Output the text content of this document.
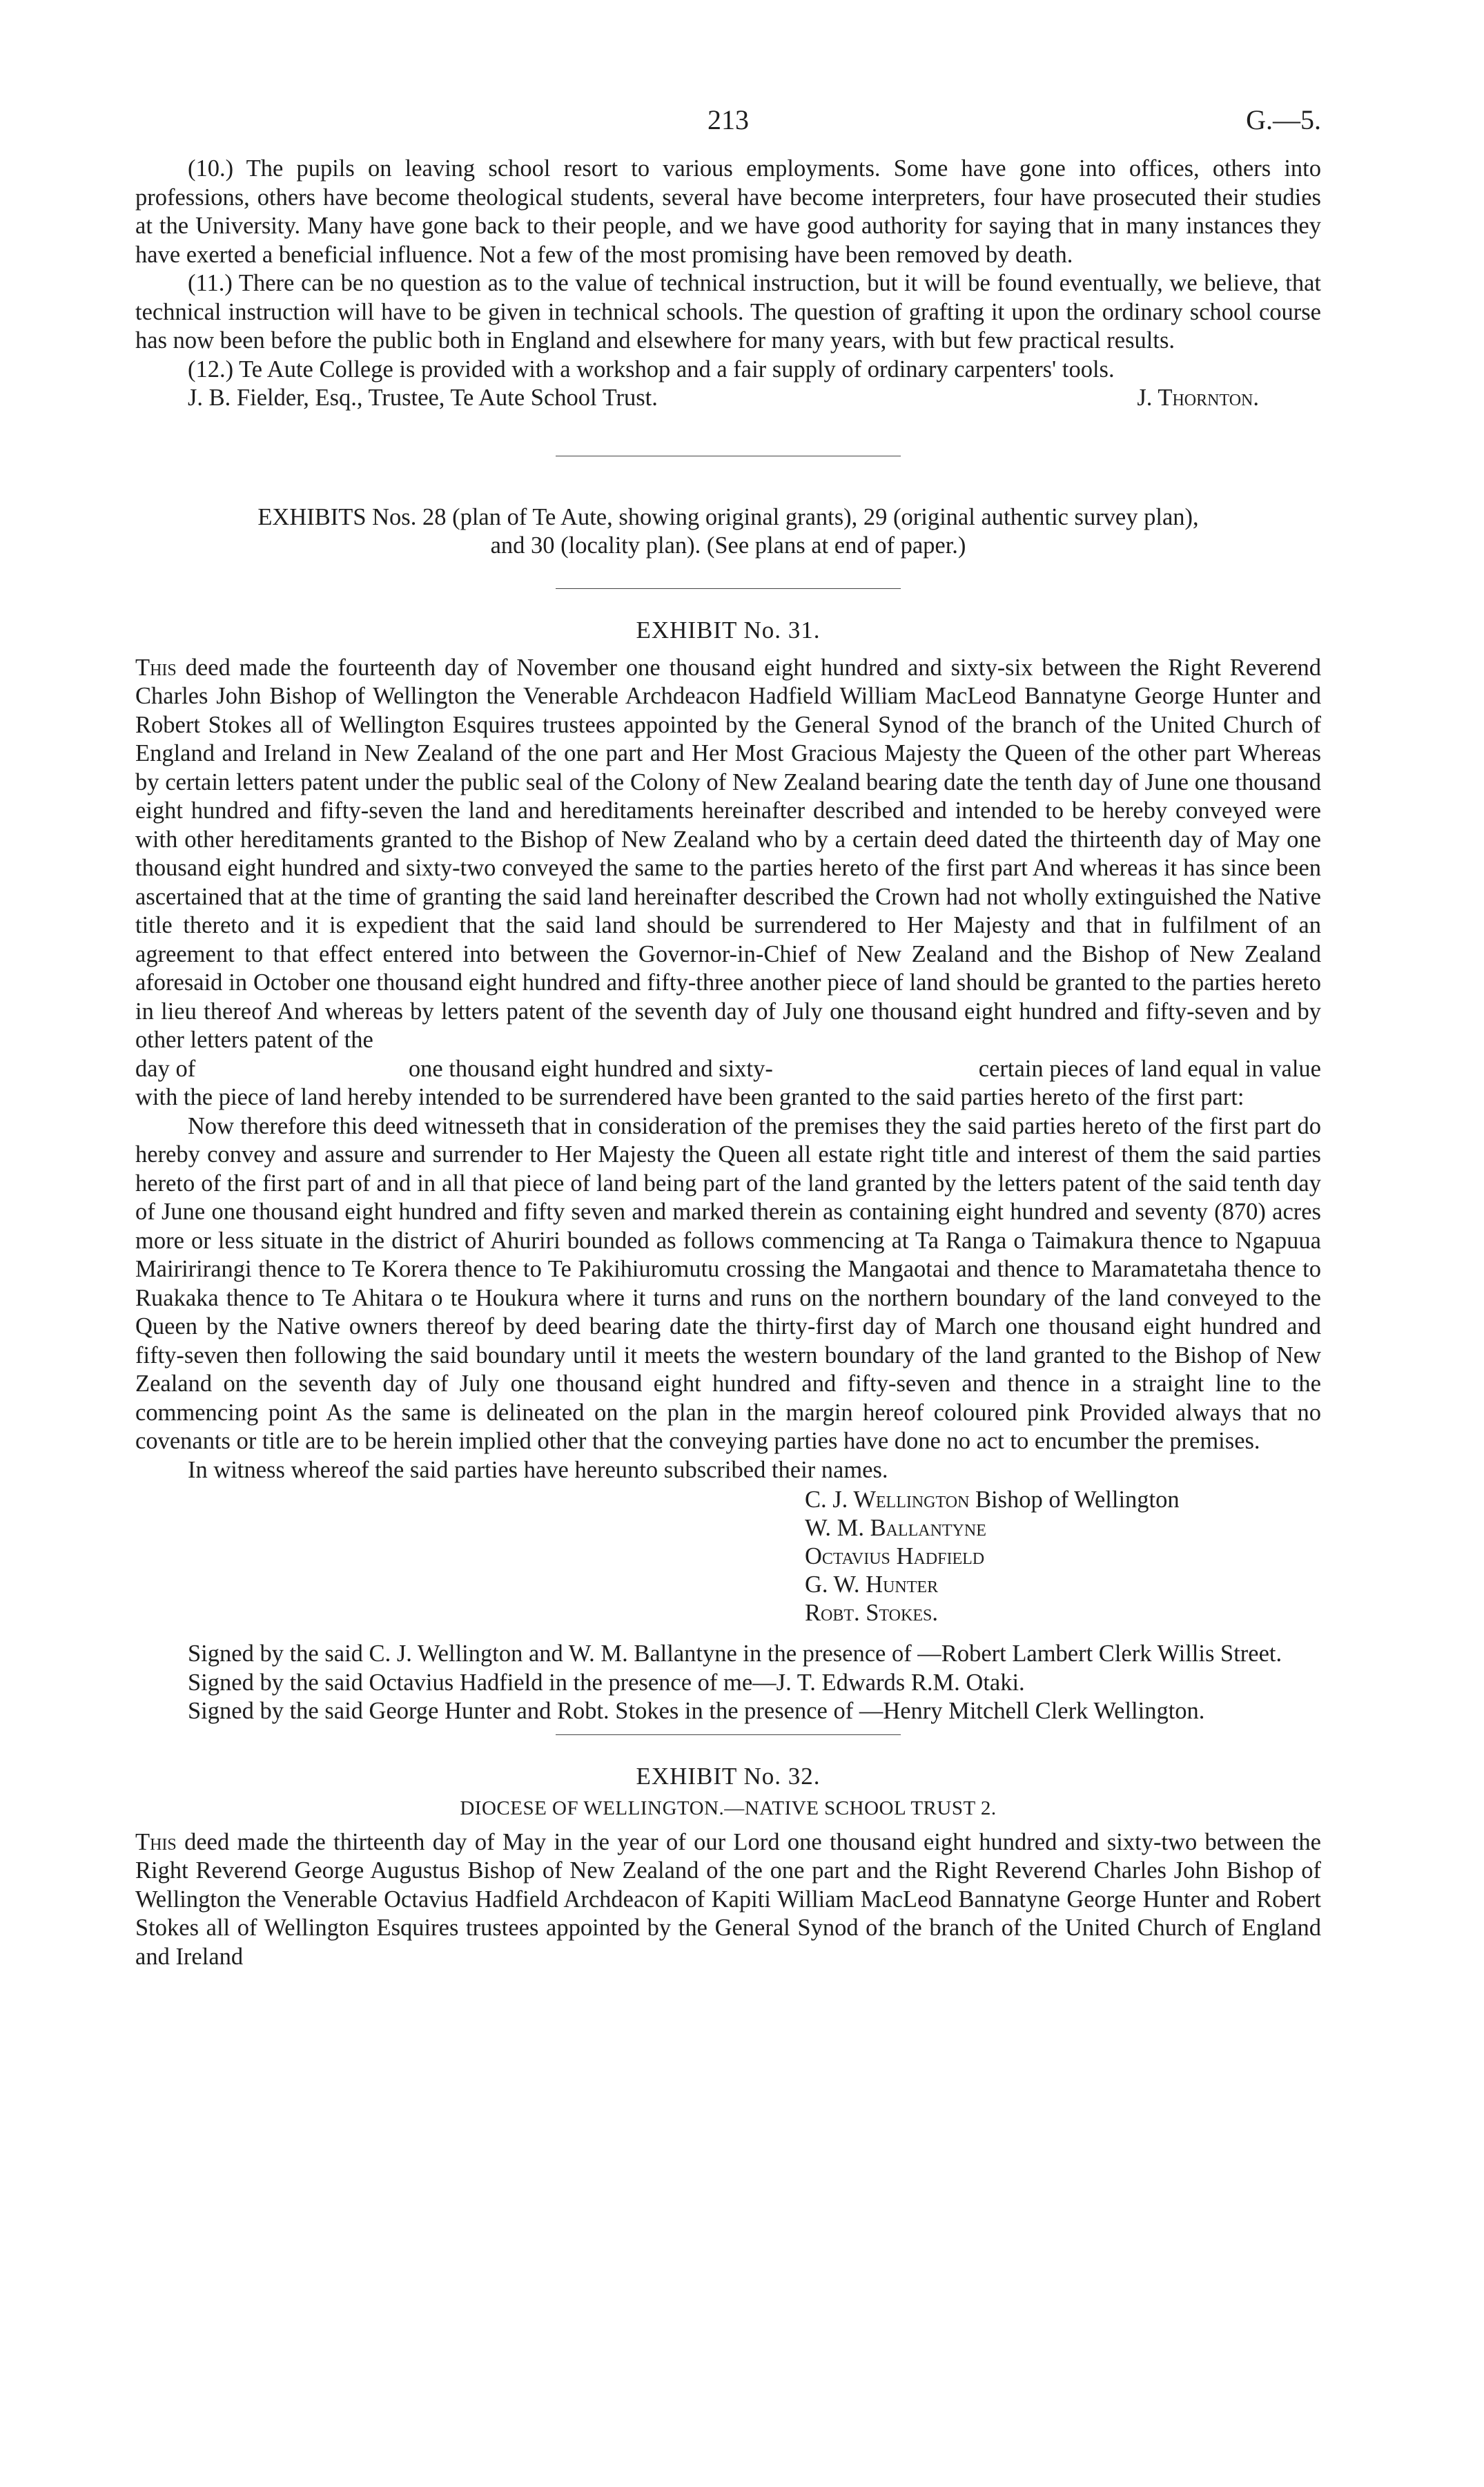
213	G.—5.

(10.) The pupils on leaving school resort to various employments. Some have gone into offices, others into professions, others have become theological students, several have become interpreters, four have prosecuted their studies at the University. Many have gone back to their people, and we have good authority for saying that in many instances they have exerted a beneficial influence. Not a few of the most promising have been removed by death.

(11.) There can be no question as to the value of technical instruction, but it will be found eventually, we believe, that technical instruction will have to be given in technical schools. The question of grafting it upon the ordinary school course has now been before the public both in England and elsewhere for many years, with but few practical results.

(12.) Te Aute College is provided with a workshop and a fair supply of ordinary carpenters' tools.

J. B. Fielder, Esq., Trustee, Te Aute School Trust.	J. Thornton.

EXHIBITS Nos. 28 (plan of Te Aute, showing original grants), 29 (original authentic survey plan),

and 30 (locality plan). (See plans at end of paper.)

EXHIBIT No. 31.

This deed made the fourteenth day of November one thousand eight hundred and sixty-six between the Right Reverend Charles John Bishop of Wellington the Venerable Archdeacon Hadfield William MacLeod Bannatyne George Hunter and Robert Stokes all of Wellington Esquires trustees appointed by the General Synod of the branch of the United Church of England and Ireland in New Zealand of the one part and Her Most Gracious Majesty the Queen of the other part Whereas by certain letters patent under the public seal of the Colony of New Zealand bearing date the tenth day of June one thousand eight hundred and fifty-seven the land and hereditaments hereinafter described and intended to be hereby conveyed were with other hereditaments granted to the Bishop of New Zealand who by a certain deed dated the thirteenth day of May one thousand eight hundred and sixty-two conveyed the same to the parties hereto of the first part And whereas it has since been ascertained that at the time of granting the said land hereinafter described the Crown had not wholly extinguished the Native title thereto and it is expedient that the said land should be surrendered to Her Majesty and that in fulfilment of an agreement to that effect entered into between the Governor-in-Chief of New Zealand and the Bishop of New Zealand aforesaid in October one thousand eight hundred and fifty-three another piece of land should be granted to the parties hereto in lieu thereof And whereas by letters patent of the seventh day of July one thousand eight hundred and fifty-seven and by other letters patent of the

day of	one thousand eight hundred and sixty-	certain pieces of land equal in value

with the piece of land hereby intended to be surrendered have been granted to the said parties hereto of the first part:

Now therefore this deed witnesseth that in consideration of the premises they the said parties hereto of the first part do hereby convey and assure and surrender to Her Majesty the Queen all estate right title and interest of them the said parties hereto of the first part of and in all that piece of land being part of the land granted by the letters patent of the said tenth day of June one thousand eight hundred and fifty seven and marked therein as containing eight hundred and seventy (870) acres more or less situate in the district of Ahuriri bounded as follows commencing at Ta Ranga o Taimakura thence to Ngapuua Mairirirangi thence to Te Korera thence to Te Pakihiuromutu crossing the Mangaotai and thence to Maramatetaha thence to Ruakaka thence to Te Ahitara o te Houkura where it turns and runs on the northern boundary of the land conveyed to the Queen by the Native owners thereof by deed bearing date the thirty-first day of March one thousand eight hundred and fifty-seven then following the said boundary until it meets the western boundary of the land granted to the Bishop of New Zealand on the seventh day of July one thousand eight hundred and fifty-seven and thence in a straight line to the commencing point As the same is delineated on the plan in the margin hereof coloured pink Provided always that no covenants or title are to be herein implied other that the conveying parties have done no act to encumber the premises.

In witness whereof the said parties have hereunto subscribed their names.

C. J. Wellington Bishop of Wellington

W. M. Ballantyne

Octavius Hadfield

G. W. Hunter

Robt. Stokes.

Signed by the said C. J. Wellington and W. M. Ballantyne in the presence of —Robert Lambert Clerk Willis Street.

Signed by the said Octavius Hadfield in the presence of me—J. T. Edwards R.M. Otaki.

Signed by the said George Hunter and Robt. Stokes in the presence of —Henry Mitchell Clerk Wellington.

EXHIBIT No. 32.
DIOCESE OF WELLINGTON.—NATIVE SCHOOL TRUST 2.

This deed made the thirteenth day of May in the year of our Lord one thousand eight hundred and sixty-two between the Right Reverend George Augustus Bishop of New Zealand of the one part and the Right Reverend Charles John Bishop of Wellington the Venerable Octavius Hadfield Archdeacon of Kapiti William MacLeod Bannatyne George Hunter and Robert Stokes all of Wellington Esquires trustees appointed by the General Synod of the branch of the United Church of England and Ireland
